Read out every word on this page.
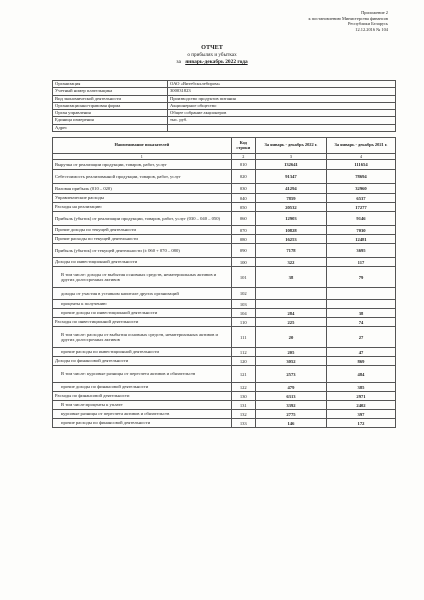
Приложение 2
к постановлению Министерства финансов
Республики Беларусь
12.12.2016 № 104
ОТЧЕТ
о прибылях и убытках
за январь-декабрь 2022 года
Организация	ОАО «Витебскхлебпром»
Учетный номер плательщика	300031823
Вид экономической деятельности	Производство продуктов питания
Организационно-правовая форма	Акционерное общество
Орган управления	Общее собрание акционеров
Единица измерения	тыс. руб.
Адрес	
Наименование показателей	Код строки	За январь - декабрь 2022 г.	За январь - декабрь 2021 г.
1	2	3	4
Выручка от реализации продукции, товаров, работ, услуг	010	132641	111654
Себестоимость реализованной продукции, товаров, работ, услуг	020	91347	78694
Валовая прибыль (010 – 020)	030	41294	32960
Управленческие расходы	040	7859	6537
Расходы на реализацию	050	20532	17277
Прибыль (убыток) от реализации продукции, товаров, работ, услуг (030 – 040 – 050)	060	12903	9146
Прочие доходы по текущей деятельности	070	10828	7030
Прочие расходы по текущей деятельности	080	16253	12481
Прибыль (убыток) от текущей деятельности (± 060 + 070 – 080)	090	7178	3695
Доходы по инвестиционной деятельности	100	322	117
В том числе: доходы от выбытия основных средств, нематериальных активов и других долгосрочных активов	101	38	79
доходы от участия в уставном капитале других организаций	102		
проценты к получению	103		
прочие доходы по инвестиционной деятельности	104	284	38
Расходы по инвестиционной деятельности	110	225	74
В том числе: расходы от выбытия основных средств, нематериальных активов и других долгосрочных активов	111	20	27
прочие расходы по инвестиционной деятельности	112	205	47
Доходы по финансовой деятельности	120	3052	869
В том числе: курсовые разницы от пересчета активов и обязательств	121	2573	484
прочие доходы по финансовой деятельности	122	479	385
Расходы по финансовой деятельности	130	6313	2971
В том числе:проценты к уплате	131	3392	2402
курсовые разницы от пересчета активов и обязательств	132	2775	397
прочие расходы по финансовой деятельности	133	146	172
